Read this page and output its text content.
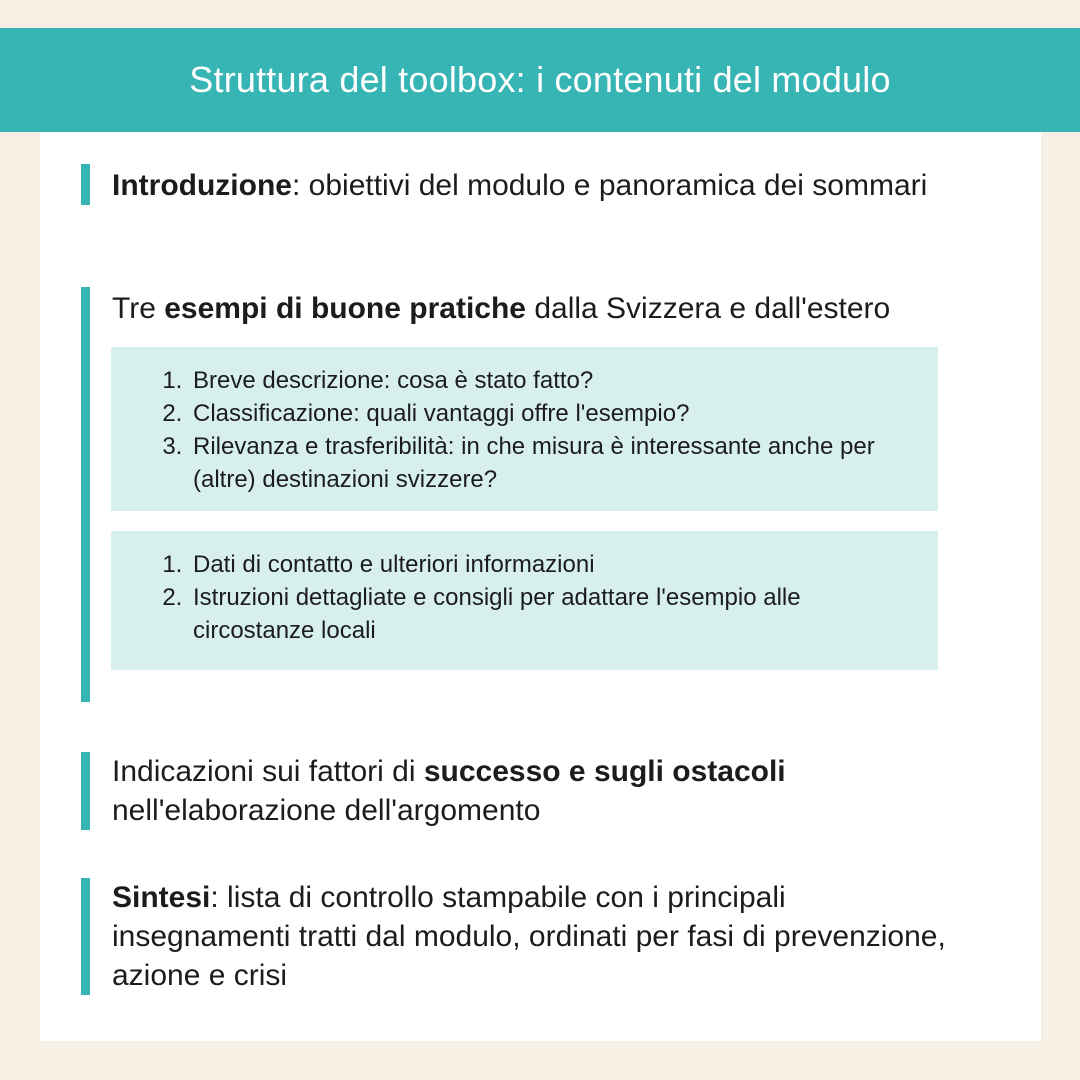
Struttura del toolbox: i contenuti del modulo

Introduzione: obiettivi del modulo e panoramica dei sommari

Tre esempi di buone pratiche dalla Svizzera e dall'estero

1. Breve descrizione: cosa è stato fatto?
2. Classificazione: quali vantaggi offre l'esempio?
3. Rilevanza e trasferibilità: in che misura è interessante anche per (altre) destinazioni svizzere?
1. Dati di contatto e ulteriori informazioni
2. Istruzioni dettagliate e consigli per adattare l'esempio alle circostanze locali

Indicazioni sui fattori di successo e sugli ostacoli nell'elaborazione dell'argomento

Sintesi: lista di controllo stampabile con i principali insegnamenti tratti dal modulo, ordinati per fasi di prevenzione, azione e crisi
